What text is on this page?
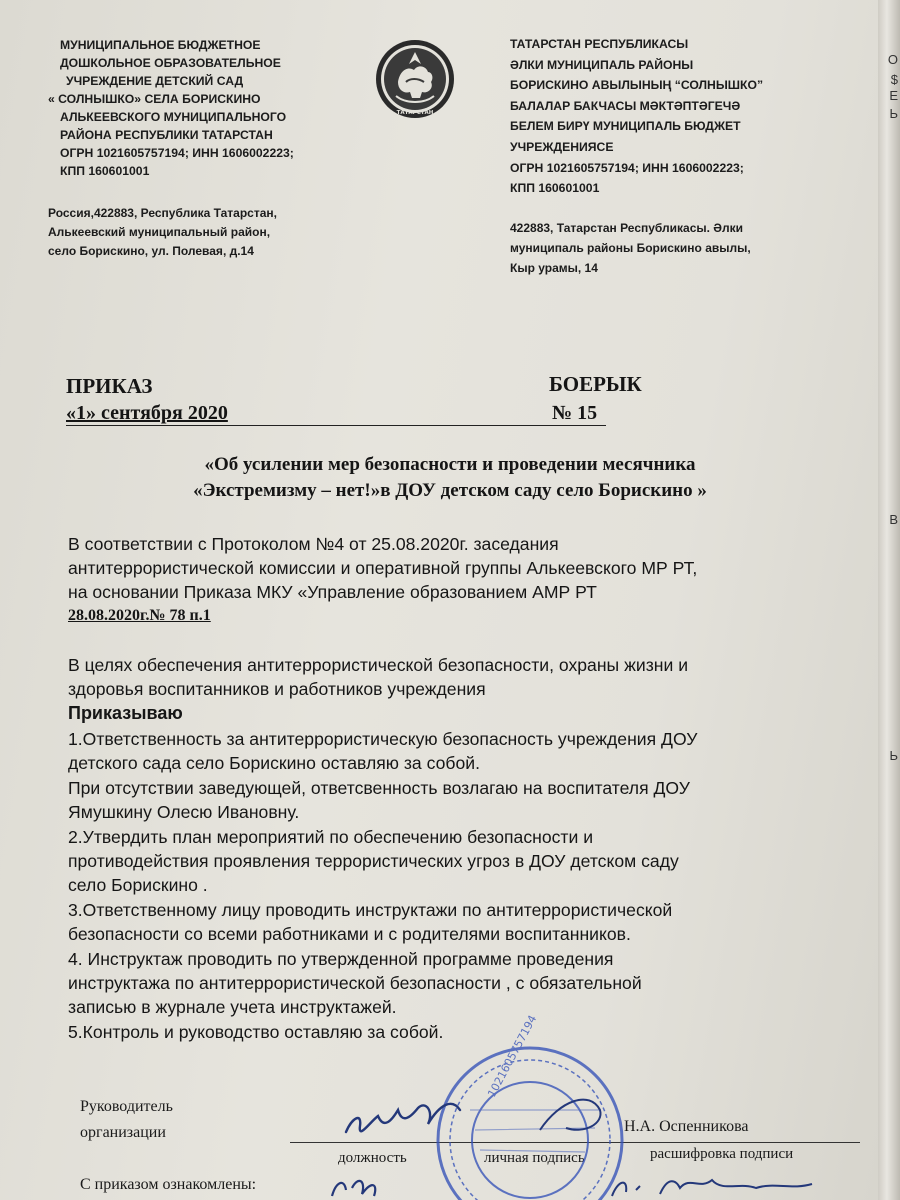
О
$
Е
Ь
В
Ь
МУНИЦИПАЛЬНОЕ БЮДЖЕТНОЕ
ДОШКОЛЬНОЕ ОБРАЗОВАТЕЛЬНОЕ
УЧРЕЖДЕНИЕ ДЕТСКИЙ САД
« СОЛНЫШКО» СЕЛА БОРИСКИНО
АЛЬКЕЕВСКОГО МУНИЦИПАЛЬНОГО
РАЙОНА РЕСПУБЛИКИ ТАТАРСТАН
ОГРН 1021605757194; ИНН 1606002223;
КПП 160601001
Россия,422883, Республика Татарстан,
Алькеевский муниципальный район,
село Борискино, ул. Полевая, д.14
ТАТАРСТАН
ТАТАРСТАН РЕСПУБЛИКАСЫ
ӘЛКИ МУНИЦИПАЛЬ РАЙОНЫ
БОРИСКИНО АВЫЛЫНЫҢ “СОЛНЫШКО”
БАЛАЛАР БАКЧАСЫ МӘКТӘПТӘГЕЧӘ
БЕЛЕМ БИРҮ МУНИЦИПАЛЬ БЮДЖЕТ
УЧРЕЖДЕНИЯСЕ
ОГРН 1021605757194; ИНН 1606002223;
КПП 160601001
422883, Татарстан Республикасы. Әлки
муниципаль районы Борискино авылы,
Кыр урамы, 14
ПРИКАЗ	БОЕРЫК
«1» сентября 2020	№ 15
«Об усилении мер безопасности и проведении месячника
«Экстремизму – нет!»в ДОУ детском саду село Борискино »
В соответствии с Протоколом №4 от 25.08.2020г. заседания
антитеррористической комиссии и оперативной группы Алькеевского МР РТ,
на основании Приказа МКУ «Управление образованием АМР РТ
28.08.2020г.№ 78 п.1
В целях обеспечения антитеррористической безопасности, охраны жизни и
здоровья воспитанников и работников учреждения
Приказываю
1.Ответственность за антитеррористическую безопасность учреждения ДОУ
детского сада село Борискино оставляю за собой.
При отсутствии заведующей, ответсвенность возлагаю на воспитателя ДОУ
Ямушкину Олесю Ивановну.
2.Утвердить план мероприятий по обеспечению безопасности и
противодействия проявления террористических угроз в ДОУ детском саду
село Борискино .
3.Ответственному лицу проводить инструктажи по антитеррористической
безопасности со всеми работниками и с родителями воспитанников.
4. Инструктаж проводить по утвержденной программе проведения
инструктажа по антитеррористической безопасности , с обязательной
записью в журнале учета инструктажей.
5.Контроль и руководство оставляю за собой.
Руководитель
организации	Н.А. Оспенникова
должность	личная подпись	расшифровка подписи
С приказом ознакомлены:
1021605757194
